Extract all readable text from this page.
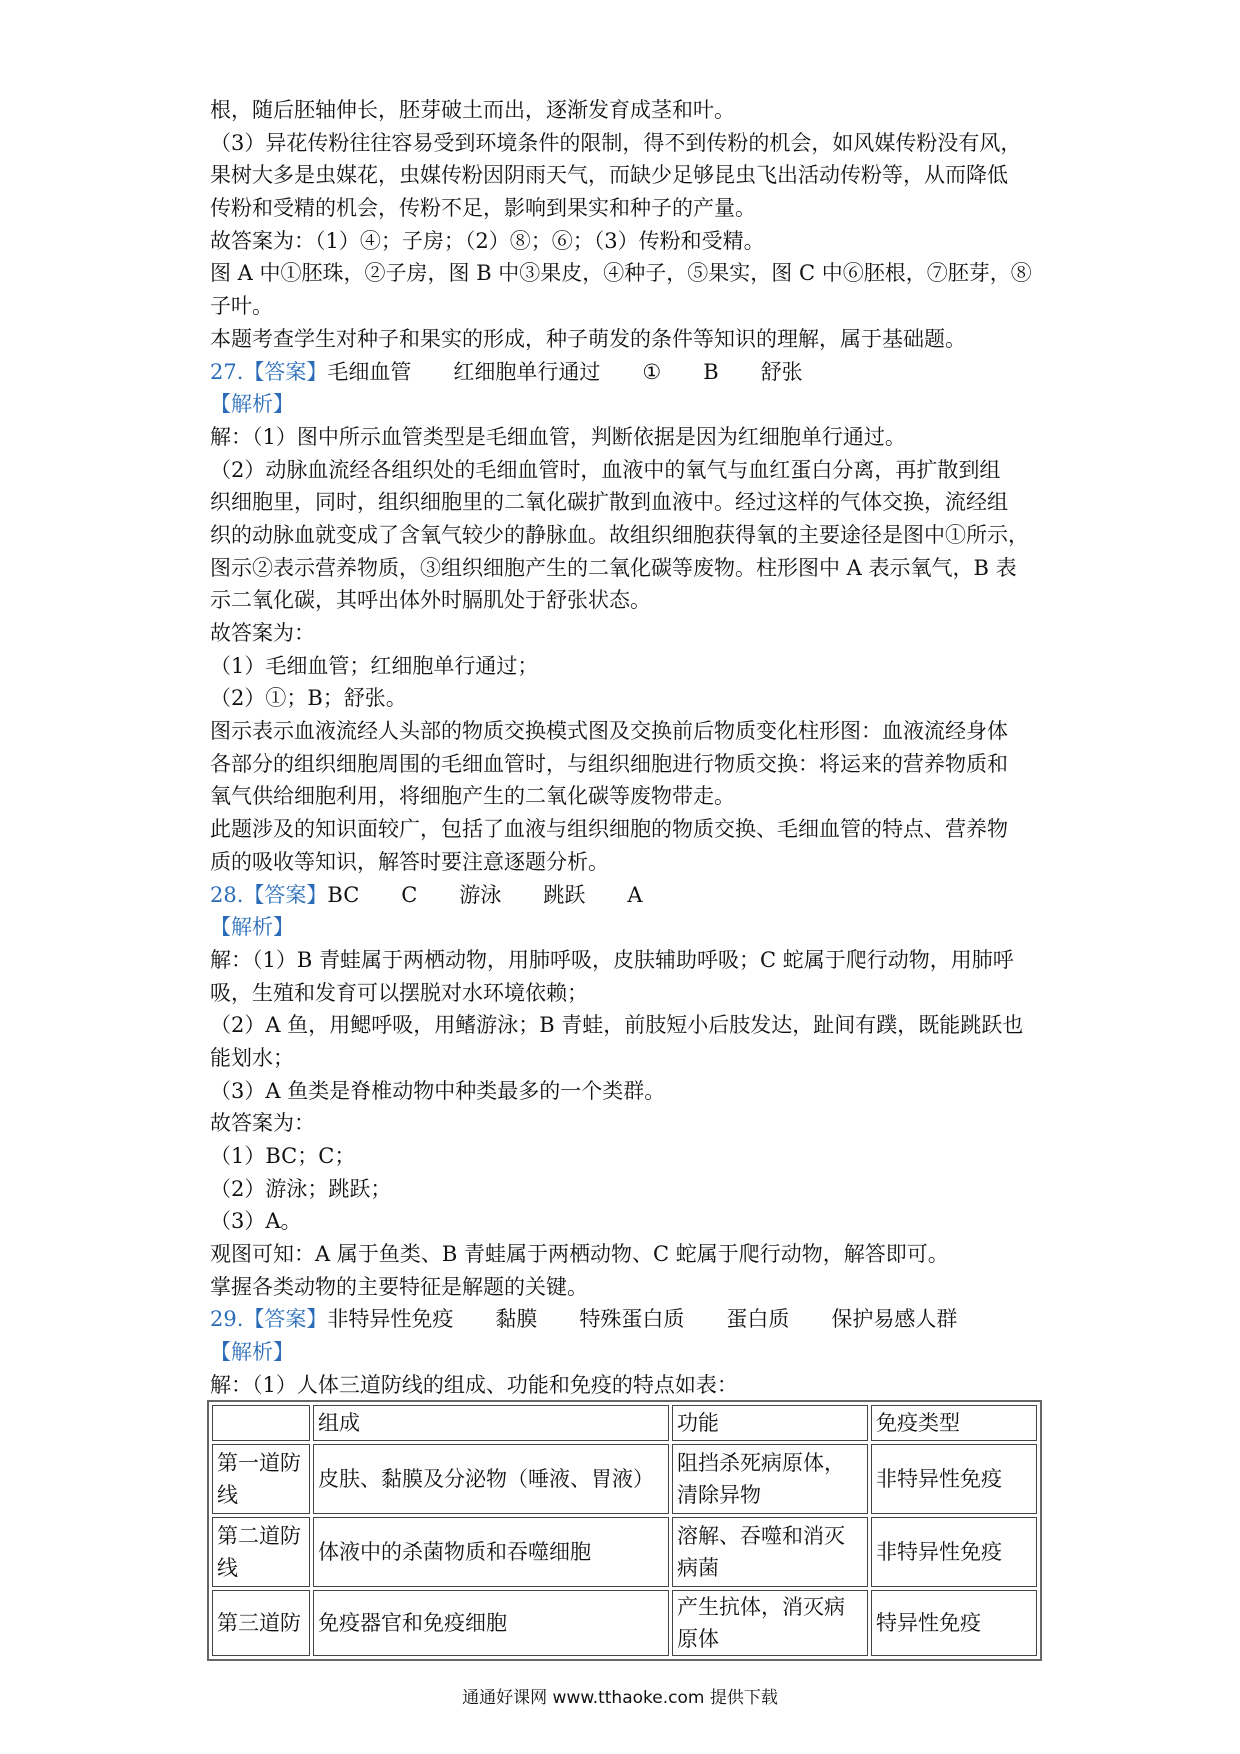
根，随后胚轴伸长，胚芽破土而出，逐渐发育成茎和叶。
（3）异花传粉往往容易受到环境条件的限制，得不到传粉的机会，如风媒传粉没有风，
果树大多是虫媒花，虫媒传粉因阴雨天气，而缺少足够昆虫飞出活动传粉等，从而降低
传粉和受精的机会，传粉不足，影响到果实和种子的产量。
故答案为：（1）④；子房；（2）⑧；⑥；（3）传粉和受精。
图 A 中①胚珠，②子房，图 B 中③果皮，④种子，⑤果实，图 C 中⑥胚根，⑦胚芽，⑧
子叶。
本题考查学生对种子和果实的形成，种子萌发的条件等知识的理解，属于基础题。
27.【答案】毛细血管 红细胞单行通过 ① B 舒张
【解析】
解：（1）图中所示血管类型是毛细血管，判断依据是因为红细胞单行通过。
（2）动脉血流经各组织处的毛细血管时，血液中的氧气与血红蛋白分离，再扩散到组
织细胞里，同时，组织细胞里的二氧化碳扩散到血液中。经过这样的气体交换，流经组
织的动脉血就变成了含氧气较少的静脉血。故组织细胞获得氧的主要途径是图中①所示，
图示②表示营养物质，③组织细胞产生的二氧化碳等废物。柱形图中 A 表示氧气，B 表
示二氧化碳，其呼出体外时膈肌处于舒张状态。
故答案为：
（1）毛细血管；红细胞单行通过；
（2）①；B；舒张。
图示表示血液流经人头部的物质交换模式图及交换前后物质变化柱形图：血液流经身体
各部分的组织细胞周围的毛细血管时，与组织细胞进行物质交换：将运来的营养物质和
氧气供给细胞利用，将细胞产生的二氧化碳等废物带走。
此题涉及的知识面较广，包括了血液与组织细胞的物质交换、毛细血管的特点、营养物
质的吸收等知识，解答时要注意逐题分析。
28.【答案】BC C 游泳 跳跃 A
【解析】
解：（1）B 青蛙属于两栖动物，用肺呼吸，皮肤辅助呼吸；C 蛇属于爬行动物，用肺呼
吸，生殖和发育可以摆脱对水环境依赖；
（2）A 鱼，用鳃呼吸，用鳍游泳；B 青蛙，前肢短小后肢发达，趾间有蹼，既能跳跃也
能划水；
（3）A 鱼类是脊椎动物中种类最多的一个类群。
故答案为：
（1）BC；C；
（2）游泳；跳跃；
（3）A。
观图可知：A 属于鱼类、B 青蛙属于两栖动物、C 蛇属于爬行动物，解答即可。
掌握各类动物的主要特征是解题的关键。
29.【答案】非特异性免疫 黏膜 特殊蛋白质 蛋白质 保护易感人群
【解析】
解：（1）人体三道防线的组成、功能和免疫的特点如表：
	组成	功能	免疫类型
第一道防线	皮肤、黏膜及分泌物（唾液、胃液）	阻挡杀死病原体，清除异物	非特异性免疫
第二道防线	体液中的杀菌物质和吞噬细胞	溶解、吞噬和消灭病菌	非特异性免疫
第三道防	免疫器官和免疫细胞	产生抗体，消灭病原体	特异性免疫
通通好课网 www.tthaoke.com 提供下载
